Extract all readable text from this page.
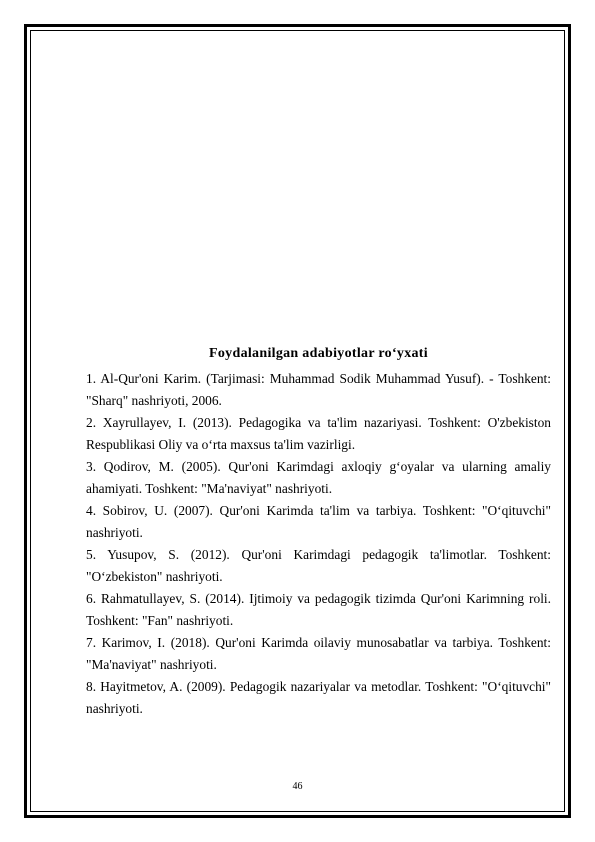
Foydalanilgan adabiyotlar ro‘yxati

1. Al-Qur'oni Karim. (Tarjimasi: Muhammad Sodik Muhammad Yusuf). - Toshkent: "Sharq" nashriyoti, 2006.

2. Xayrullayev, I. (2013). Pedagogika va ta'lim nazariyasi. Toshkent: O'zbekiston Respublikasi Oliy va o‘rta maxsus ta'lim vazirligi.

3. Qodirov, M. (2005). Qur'oni Karimdagi axloqiy g‘oyalar va ularning amaliy ahamiyati. Toshkent: "Ma'naviyat" nashriyoti.

4. Sobirov, U. (2007). Qur'oni Karimda ta'lim va tarbiya. Toshkent: "O‘qituvchi" nashriyoti.

5. Yusupov, S. (2012). Qur'oni Karimdagi pedagogik ta'limotlar. Toshkent: "O‘zbekiston" nashriyoti.

6. Rahmatullayev, S. (2014). Ijtimoiy va pedagogik tizimda Qur'oni Karimning roli. Toshkent: "Fan" nashriyoti.

7. Karimov, I. (2018). Qur'oni Karimda oilaviy munosabatlar va tarbiya. Toshkent: "Ma'naviyat" nashriyoti.

8. Hayitmetov, A. (2009). Pedagogik nazariyalar va metodlar. Toshkent: "O‘qituvchi" nashriyoti.

46
